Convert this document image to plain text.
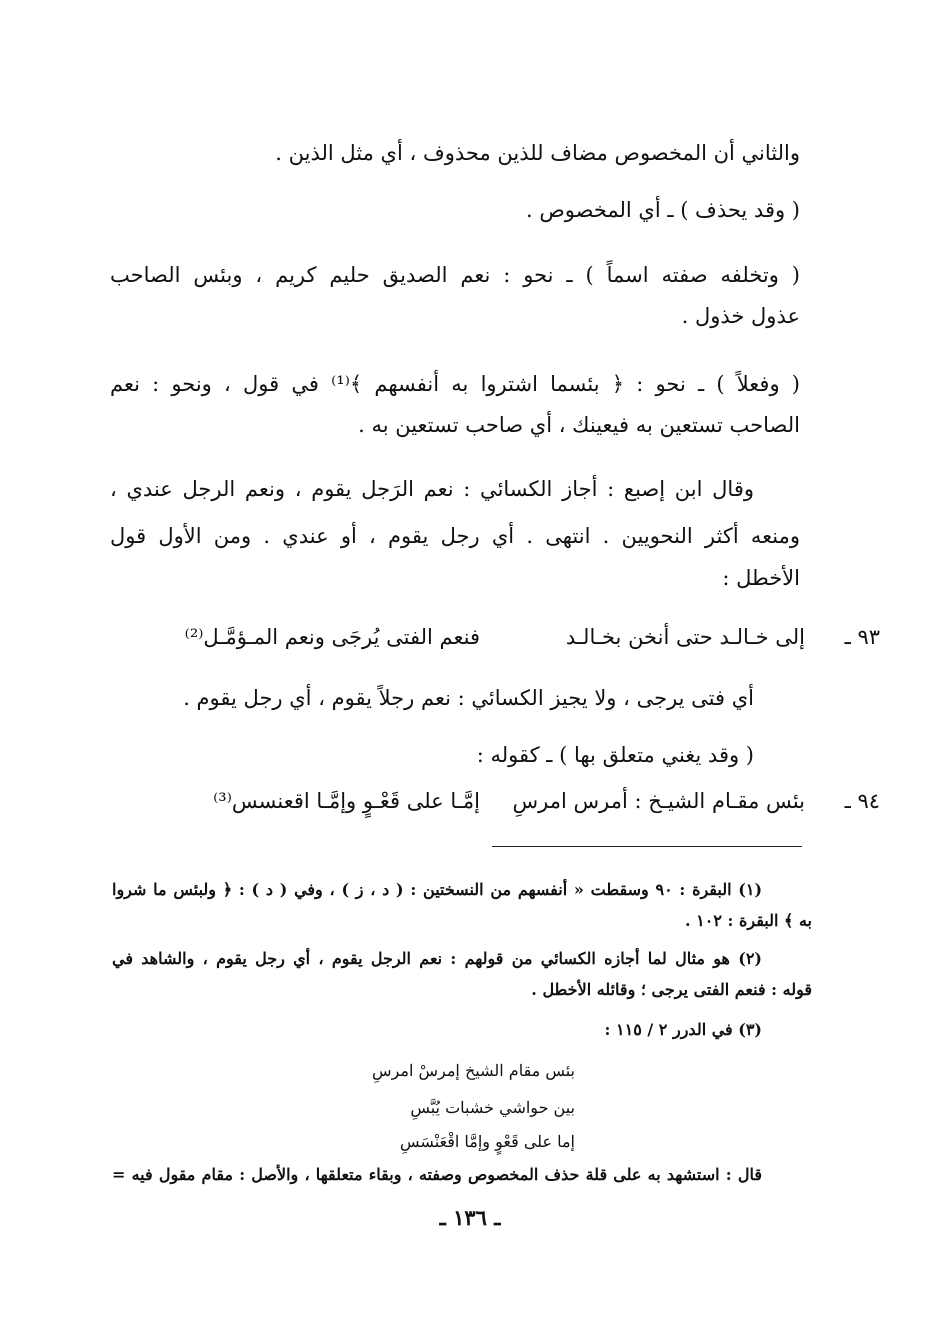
والثاني أن المخصوص مضاف للذين محذوف ، أي مثل الذين .
( وقد يحذف ) ـ أي المخصوص .
( وتخلفه صفته اسماً ) ـ نحو : نعم الصديق حليم كريم ، وبئس الصاحب
عذول خذول .
( وفعلاً ) ـ نحو : ﴿ بئسما اشتروا به أنفسهم ﴾⁽¹⁾ في قول ، ونحو : نعم
الصاحب تستعين به فيعينك ، أي صاحب تستعين به .
وقال ابن إصبع : أجاز الكسائي : نعم الرَجل يقوم ، ونعم الرجل عندي ،
ومنعه أكثر النحويين . انتهى . أي رجل يقوم ، أو عندي . ومن الأول قول
الأخطل :
٩٣ ـ
إلى خـالـد حتى أنخن بخـالـد
فنعم الفتى يُرجَى ونعم المـؤمَّـل⁽²⁾
أي فتى يرجى ، ولا يجيز الكسائي : نعم رجلاً يقوم ، أي رجل يقوم .
( وقد يغني متعلق بها ) ـ كقوله :
٩٤ ـ
بئس مقـام الشيـخ : أمرس امرسِ
إمَّـا على قَعْـوٍ وإمَّـا اقعنسس⁽³⁾
(١) البقرة : ٩٠ وسقطت « أنفسهم من النسختين : ( د ، ز ) ، وفي ( د ) : ﴿ ولبئس ما شروا
به ﴾ البقرة : ١٠٢ .
(٢) هو مثال لما أجازه الكسائي من قولهم : نعم الرجل يقوم ، أي رجل يقوم ، والشاهد في
قوله : فنعم الفتى يرجى ؛ وقائله الأخطل .
(٣) في الدرر ٢ / ١١٥ :
بئس مقام الشيخ إمرسْ امرسِ
بين حواشي خشبات يُبَّسِ
إما على قَعْوٍ وإمَّا اقْعَنْسَسِ
قال : استشهد به على قلة حذف المخصوص وصفته ، وبقاء متعلقها ، والأصل : مقام مقول فيه =
ـ ١٣٦ ـ
